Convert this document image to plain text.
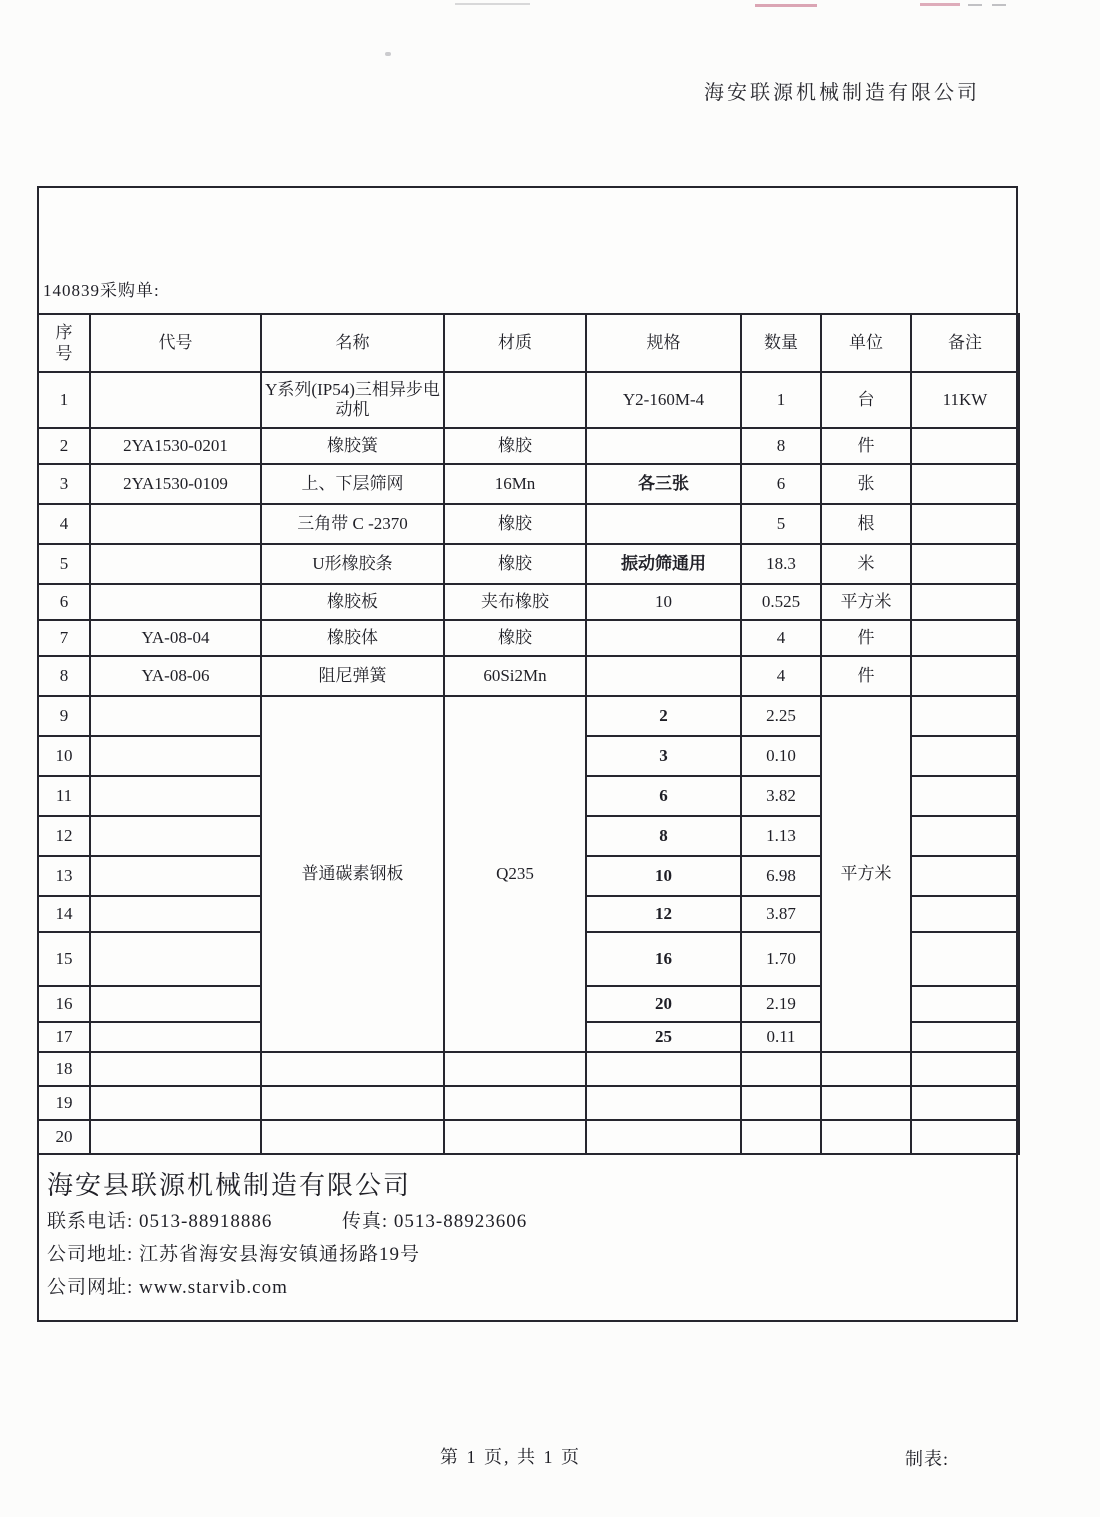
海安联源机械制造有限公司
140839采购单:
序号	代号	名称	材质	规格	数量	单位	备注
1		Y系列(IP54)三相异步电动机		Y2-160M-4	1	台	11KW
2	2YA1530-0201	橡胶簧	橡胶		8	件	
3	2YA1530-0109	上、下层筛网	16Mn	各三张	6	张	
4		三角带 C -2370	橡胶		5	根	
5		U形橡胶条	橡胶	振动筛通用	18.3	米	
6		橡胶板	夹布橡胶	10	0.525	平方米	
7	YA-08-04	橡胶体	橡胶		4	件	
8	YA-08-06	阻尼弹簧	60Si2Mn		4	件	
9		普通碳素钢板	Q235	2	2.25	平方米	
10				3	0.10		
11				6	3.82		
12				8	1.13		
13				10	6.98		
14				12	3.87		
15				16	1.70		
16				20	2.19		
17				25	0.11		
18							
19							
20							
海安县联源机械制造有限公司
联系电话: 0513-88918886	传真: 0513-88923606
公司地址: 江苏省海安县海安镇通扬路19号
公司网址: www.starvib.com
第 1 页, 共 1 页	制表:
